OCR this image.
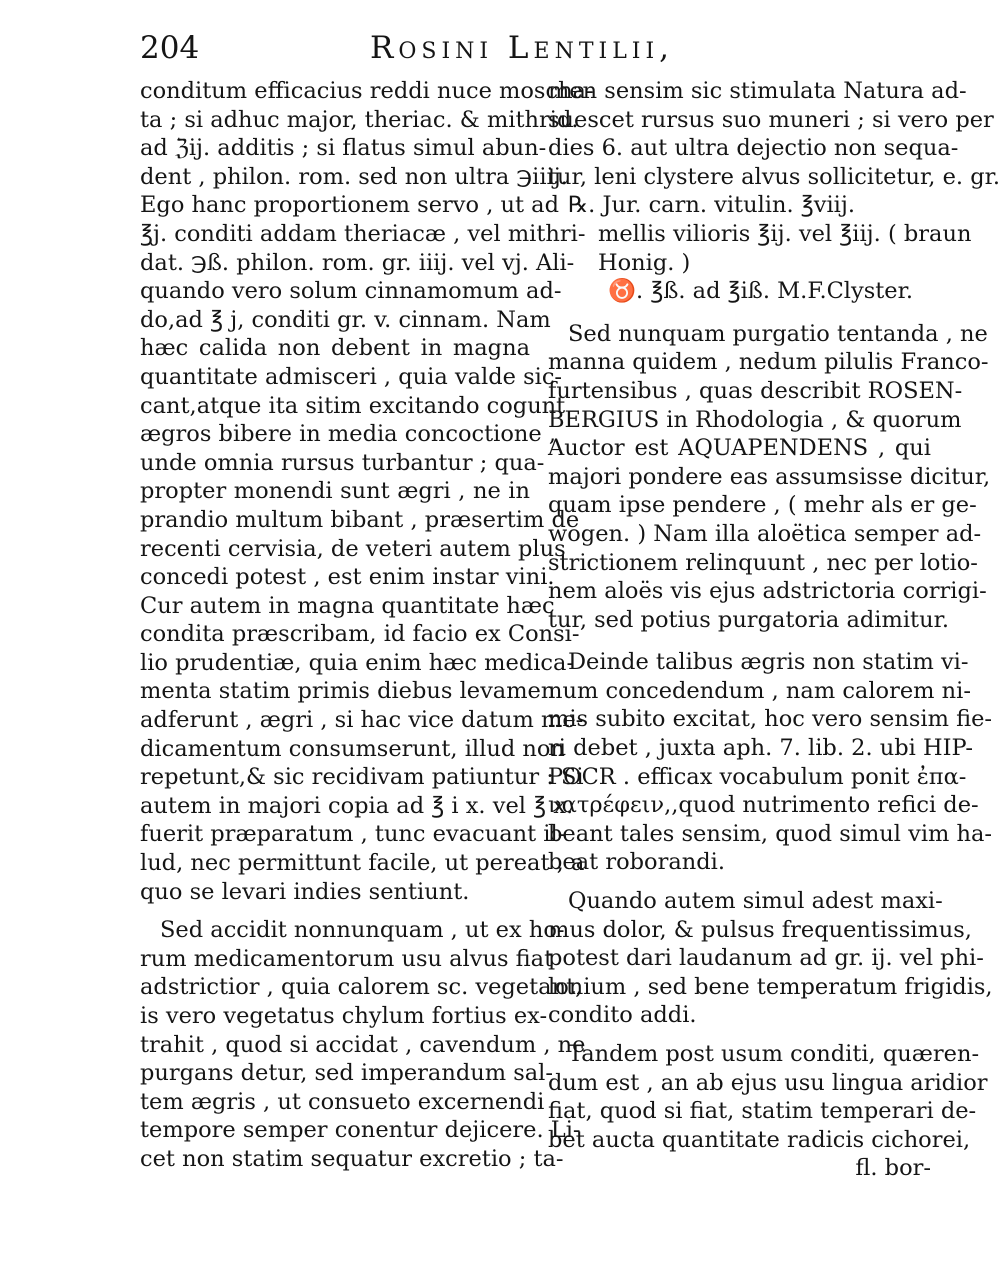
204	Rosini Lentilii,
conditum efficacius reddi nuce moscha-
ta ; si adhuc major, theriac. & mithrid.
ad ℨij. additis ; si flatus simul abun-
dent , philon. rom. sed non ultra ℈iiij.
Ego hanc proportionem servo , ut ad
℥j. conditi addam theriacæ , vel mithri-
dat. ℈ß. philon. rom. gr. iiij. vel vj. Ali-
quando vero solum cinnamomum ad-
do,ad ℥ j, conditi gr. v. cinnam. Nam
hæc calida non debent in magna
quantitate admisceri , quia valde sic-
cant,atque ita sitim excitando cogunt
ægros bibere in media concoctione ,
unde omnia rursus turbantur ; qua-
propter monendi sunt ægri , ne in
prandio multum bibant , præsertim de
recenti cervisia, de veteri autem plus
concedi potest , est enim instar vini.
Cur autem in magna quantitate hæc
condita præscribam, id facio ex Consi-
lio prudentiæ, quia enim hæc medica-
menta statim primis diebus levamen
adferunt , ægri , si hac vice datum me-
dicamentum consumserunt, illud non
repetunt,& sic recidivam patiuntur : Si
autem in majori copia ad ℥ i x. vel ℥ x.
fuerit præparatum , tunc evacuant il-
lud, nec permittunt facile, ut pereat , a
quo se levari indies sentiunt.
Sed accidit nonnunquam , ut ex ho-
rum medicamentorum usu alvus fiat
adstrictior , quia calorem sc. vegetant,
is vero vegetatus chylum fortius ex-
trahit , quod si accidat , cavendum , ne
purgans detur, sed imperandum sal-
tem ægris , ut consueto excernendi
tempore semper conentur dejicere. Li-
cet non statim sequatur excretio ; ta-
men sensim sic stimulata Natura ad-
suescet rursus suo muneri ; si vero per
dies 6. aut ultra dejectio non sequa-
tur, leni clystere alvus sollicitetur, e. gr.
℞. Jur. carn. vitulin. ℥viij.
mellis vilioris ℥ij. vel ℥iij. ( braun
Honig. )
♉. ℥ß. ad ℥iß. M.F.Clyster.
Sed nunquam purgatio tentanda , ne
manna quidem , nedum pilulis Franco-
furtensibus , quas describit ROSEN-
BERGIUS in Rhodologia , & quorum
Auctor est AQUAPENDENS , qui
majori pondere eas assumsisse dicitur,
quam ipse pendere , ( mehr als er ge-
wogen. ) Nam illa aloëtica semper ad-
strictionem relinquunt , nec per lotio-
nem aloës vis ejus adstrictoria corrigi-
tur, sed potius purgatoria adimitur.
Deinde talibus ægris non statim vi-
num concedendum , nam calorem ni-
mis subito excitat, hoc vero sensim fie-
ri debet , juxta aph. 7. lib. 2. ubi HIP-
POCR . efficax vocabulum ponit ἐπα-
νατρέφειν,,quod nutrimento refici de-
beant tales sensim, quod simul vim ha-
beat roborandi.
Quando autem simul adest maxi-
mus dolor, & pulsus frequentissimus,
potest dari laudanum ad gr. ij. vel phi-
lonium , sed bene temperatum frigidis,
condito addi.
Tandem post usum conditi, quæren-
dum est , an ab ejus usu lingua aridior
fiat, quod si fiat, statim temperari de-
bet aucta quantitate radicis cichorei,
fl. bor-
